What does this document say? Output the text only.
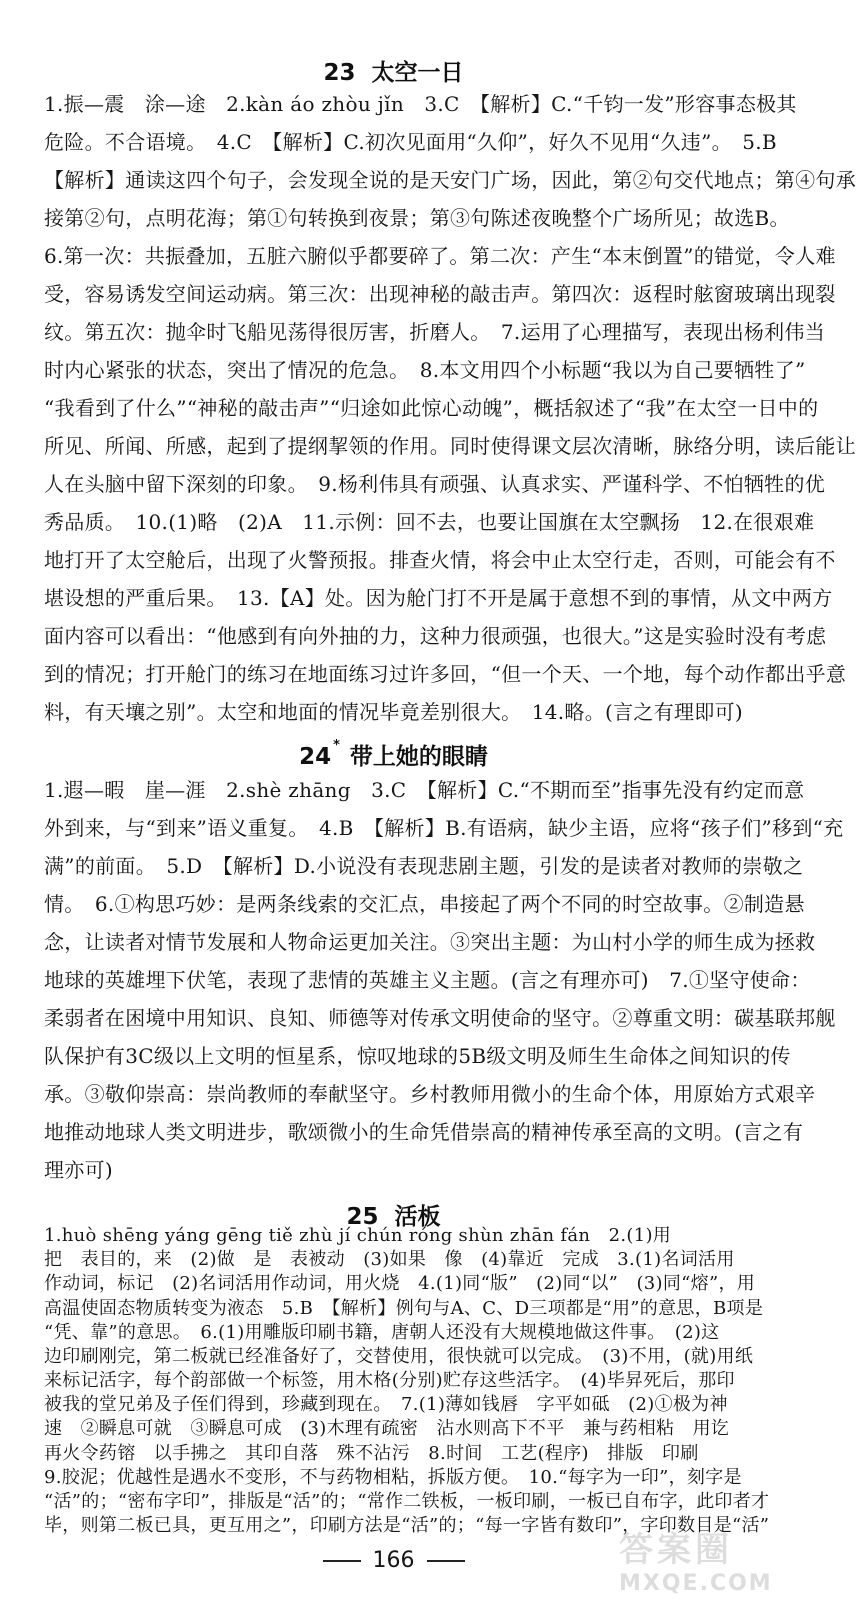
23 太空一日
1.振—震　涂—途　2.kàn áo zhòu jǐn　3.C　【解析】C.“千钧一发”形容事态极其
危险。不合语境。　4.C　【解析】C.初次见面用“久仰”，好久不见用“久违”。　5.B
【解析】通读这四个句子，会发现全说的是天安门广场，因此，第②句交代地点；第④句承
接第②句，点明花海；第①句转换到夜景；第③句陈述夜晚整个广场所见；故选B。
6.第一次：共振叠加，五脏六腑似乎都要碎了。第二次：产生“本末倒置”的错觉，令人难
受，容易诱发空间运动病。第三次：出现神秘的敲击声。第四次：返程时舷窗玻璃出现裂
纹。第五次：抛伞时飞船见荡得很厉害，折磨人。　7.运用了心理描写，表现出杨利伟当
时内心紧张的状态，突出了情况的危急。　8.本文用四个小标题“我以为自己要牺牲了”
“我看到了什么”“神秘的敲击声”“归途如此惊心动魄”，概括叙述了“我”在太空一日中的
所见、所闻、所感，起到了提纲挈领的作用。同时使得课文层次清晰，脉络分明，读后能让
人在头脑中留下深刻的印象。　9.杨利伟具有顽强、认真求实、严谨科学、不怕牺牲的优
秀品质。　10.(1)略　(2)A　11.示例：回不去，也要让国旗在太空飘扬　12.在很艰难
地打开了太空舱后，出现了火警预报。排查火情，将会中止太空行走，否则，可能会有不
堪设想的严重后果。　13.【A】处。因为舱门打不开是属于意想不到的事情，从文中两方
面内容可以看出：“他感到有向外抽的力，这种力很顽强，也很大。”这是实验时没有考虑
到的情况；打开舱门的练习在地面练习过许多回，“但一个天、一个地，每个动作都出乎意
料，有天壤之别”。太空和地面的情况毕竟差别很大。　14.略。(言之有理即可)
24 * 带上她的眼睛
1.遐—暇　崖—涯　2.shè zhāng　3.C　【解析】C.“不期而至”指事先没有约定而意
外到来，与“到来”语义重复。　4.B　【解析】B.有语病，缺少主语，应将“孩子们”移到“充
满”的前面。　5.D　【解析】D.小说没有表现悲剧主题，引发的是读者对教师的崇敬之
情。　6.①构思巧妙：是两条线索的交汇点，串接起了两个不同的时空故事。②制造悬
念，让读者对情节发展和人物命运更加关注。③突出主题：为山村小学的师生成为拯救
地球的英雄埋下伏笔，表现了悲情的英雄主义主题。(言之有理亦可)　7.①坚守使命：
柔弱者在困境中用知识、良知、师德等对传承文明使命的坚守。②尊重文明：碳基联邦舰
队保护有3C级以上文明的恒星系，惊叹地球的5B级文明及师生生命体之间知识的传
承。③敬仰崇高：崇尚教师的奉献坚守。乡村教师用微小的生命个体，用原始方式艰辛
地推动地球人类文明进步，歌颂微小的生命凭借崇高的精神传承至高的文明。(言之有
理亦可)
25 活板
1.huò shēng yáng gēng tiě zhù jí chún róng shùn zhān fán　2.(1)用
把　表目的，来　(2)做　是　表被动　(3)如果　像　(4)靠近　完成　3.(1)名词活用
作动词，标记　(2)名词活用作动词，用火烧　4.(1)同“版”　(2)同“以”　(3)同“熔”，用
高温使固态物质转变为液态　5.B　【解析】例句与A、C、D三项都是“用”的意思，B项是
“凭、靠”的意思。　6.(1)用雕版印刷书籍，唐朝人还没有大规模地做这件事。　(2)这
边印刷刚完，第二板就已经准备好了，交替使用，很快就可以完成。　(3)不用，(就)用纸
来标记活字，每个韵部做一个标签，用木格(分别)贮存这些活字。　(4)毕昇死后，那印
被我的堂兄弟及子侄们得到，珍藏到现在。　7.(1)薄如钱唇　字平如砥　(2)①极为神
速　②瞬息可就　③瞬息可成　(3)木理有疏密　沾水则高下不平　兼与药相粘　用讫
再火令药镕　以手拂之　其印自落　殊不沾污　8.时间　工艺(程序)　排版　印刷
9.胶泥；优越性是遇水不变形，不与药物相粘，拆版方便。　10.“每字为一印”，刻字是
“活”的；“密布字印”，排版是“活”的；“常作二铁板，一板印刷，一板已自布字，此印者才
毕，则第二板已具，更互用之”，印刷方法是“活”的；“每一字皆有数印”，字印数目是“活”
166	答案圈
MXQE.COM
